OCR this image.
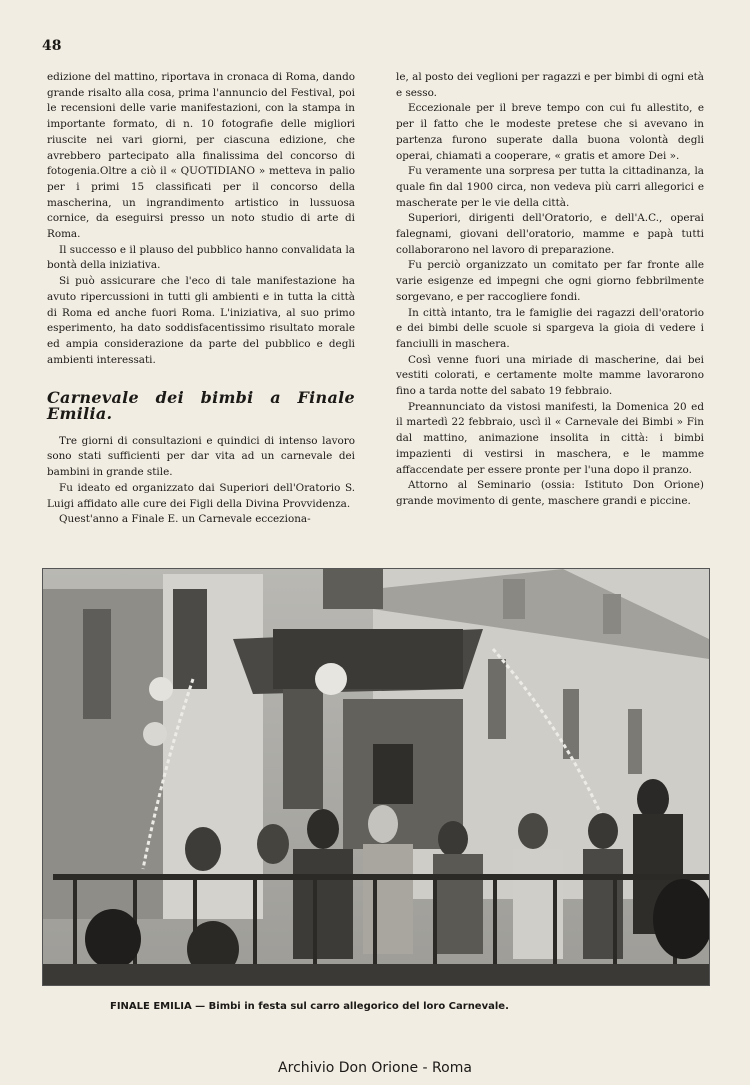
48

edizione del mattino, riportava in cronaca di Roma, dando grande risalto alla cosa, prima l'annuncio del Festival, poi le recensioni delle varie manifestazioni, con la stampa in importante formato, di n. 10 fotografie delle migliori riuscite nei vari giorni, per ciascuna edizione, che avrebbero partecipato alla finalissima del concorso di fotogenia.Oltre a ciò il « QUOTIDIANO » metteva in palio per i primi 15 classificati per il concorso della mascherina, un ingrandimento artistico in lussuosa cornice, da eseguirsi presso un noto studio di arte di Roma.

Il successo e il plauso del pubblico hanno convalidata la bontà della iniziativa.

Si può assicurare che l'eco di tale manifestazione ha avuto ripercussioni in tutti gli ambienti e in tutta la città di Roma ed anche fuori Roma. L'iniziativa, al suo primo esperimento, ha dato soddisfacentissimo risultato morale ed ampia considerazione da parte del pubblico e degli ambienti interessati.

Carnevale dei bimbi a Finale Emilia.

Tre giorni di consultazioni e quindici di intenso lavoro sono stati sufficienti per dar vita ad un carnevale dei bambini in grande stile.

Fu ideato ed organizzato dai Superiori dell'Oratorio S. Luigi affidato alle cure dei Figli della Divina Provvidenza.

Quest'anno a Finale E. un Carnevale ecceziona-

le, al posto dei veglioni per ragazzi e per bimbi di ogni età e sesso.

Eccezionale per il breve tempo con cui fu allestito, e per il fatto che le modeste pretese che si avevano in partenza furono superate dalla buona volontà degli operai, chiamati a cooperare, « gratis et amore Dei ».

Fu veramente una sorpresa per tutta la cittadinanza, la quale fin dal 1900 circa, non vedeva più carri allegorici e mascherate per le vie della città.

Superiori, dirigenti dell'Oratorio, e dell'A.C., operai falegnami, giovani dell'oratorio, mamme e papà tutti collaborarono nel lavoro di preparazione.

Fu perciò organizzato un comitato per far fronte alle varie esigenze ed impegni che ogni giorno febbrilmente sorgevano, e per raccogliere fondi.

In città intanto, tra le famiglie dei ragazzi dell'oratorio e dei bimbi delle scuole si spargeva la gioia di vedere i fanciulli in maschera.

Così venne fuori una miriade di mascherine, dai bei vestiti colorati, e certamente molte mamme lavorarono fino a tarda notte del sabato 19 febbraio.

Preannunciato da vistosi manifesti, la Domenica 20 ed il martedì 22 febbraio, uscì il « Carnevale dei Bimbi » Fin dal mattino, animazione insolita in città: i bimbi impazienti di vestirsi in maschera, e le mamme affaccendate per essere pronte per l'una dopo il pranzo.

Attorno al Seminario (ossia: Istituto Don Orione) grande movimento di gente, maschere grandi e piccine.

FINALE EMILIA — Bimbi in festa sul carro allegorico del loro Carnevale.
Archivio Don Orione - Roma
